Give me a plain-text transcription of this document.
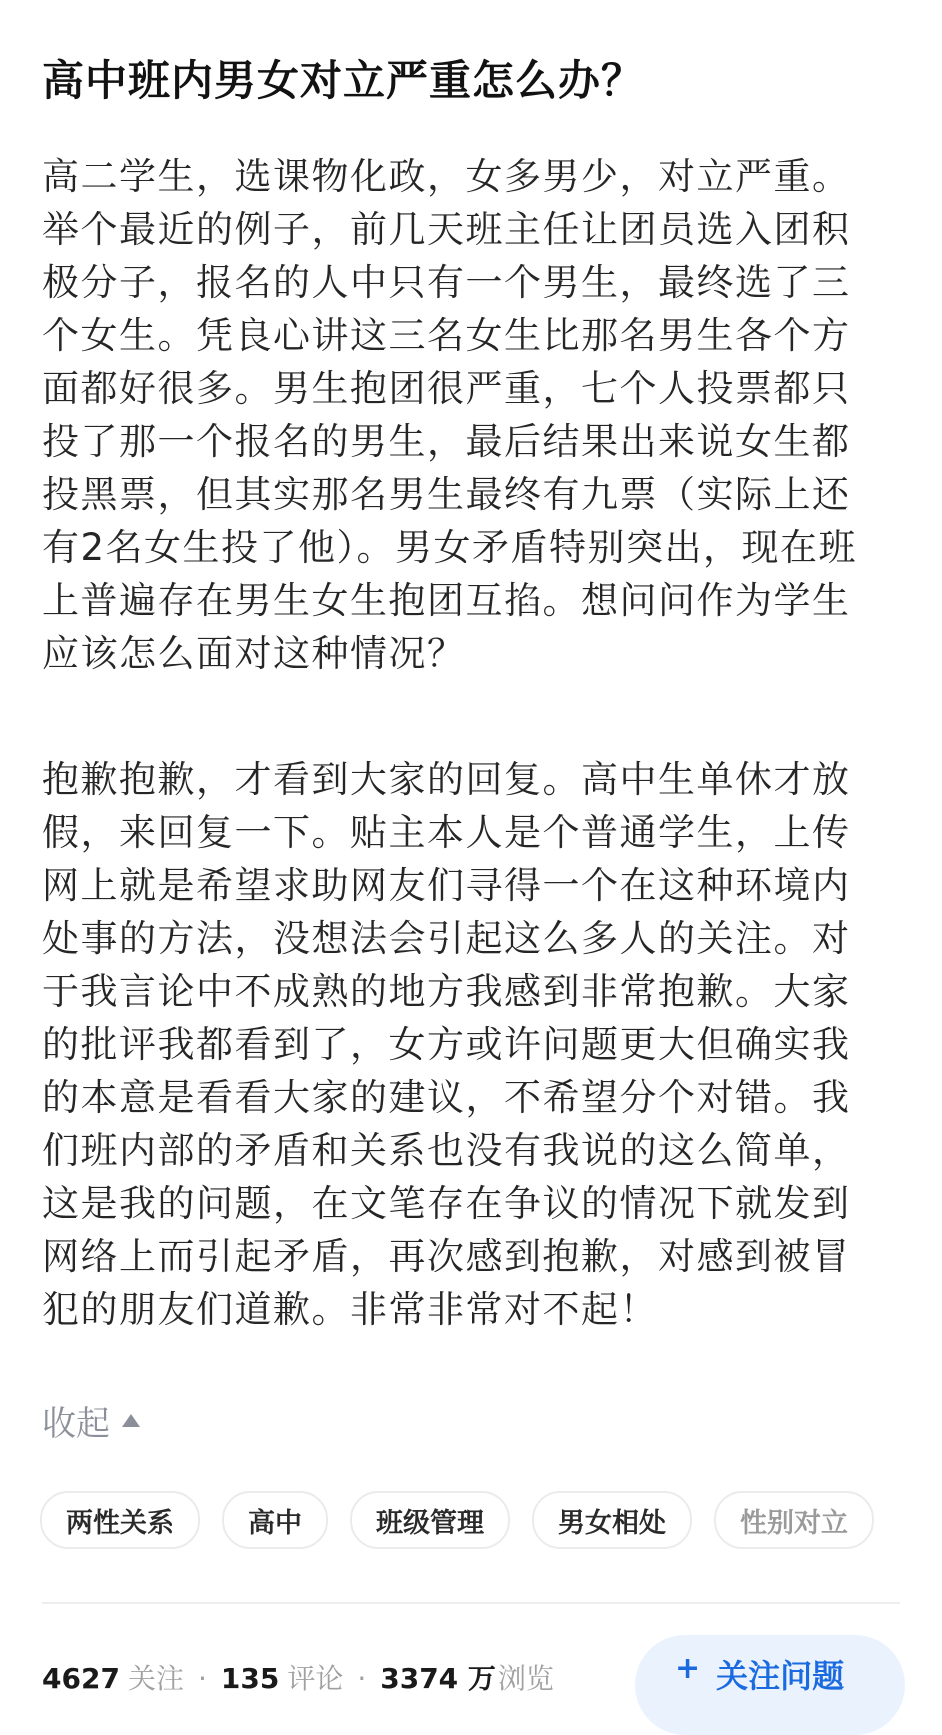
高中班内男女对立严重怎么办？
高二学生，选课物化政，女多男少，对立严重。
举个最近的例子，前几天班主任让团员选入团积
极分子，报名的人中只有一个男生，最终选了三
个女生。凭良心讲这三名女生比那名男生各个方
面都好很多。男生抱团很严重，七个人投票都只
投了那一个报名的男生，最后结果出来说女生都
投黑票，但其实那名男生最终有九票（实际上还
有2名女生投了他）。男女矛盾特别突出，现在班
上普遍存在男生女生抱团互掐。想问问作为学生
应该怎么面对这种情况？
抱歉抱歉，才看到大家的回复。高中生单休才放
假，来回复一下。贴主本人是个普通学生，上传
网上就是希望求助网友们寻得一个在这种环境内
处事的方法，没想法会引起这么多人的关注。对
于我言论中不成熟的地方我感到非常抱歉。大家
的批评我都看到了，女方或许问题更大但确实我
的本意是看看大家的建议，不希望分个对错。我
们班内部的矛盾和关系也没有我说的这么简单，
这是我的问题，在文笔存在争议的情况下就发到
网络上而引起矛盾，再次感到抱歉，对感到被冒
犯的朋友们道歉。非常非常对不起！
收起
两性关系	高中	班级管理	男女相处	性别对立
4627 关注 · 135 评论 · 3374 万 浏览	+ 关注问题
